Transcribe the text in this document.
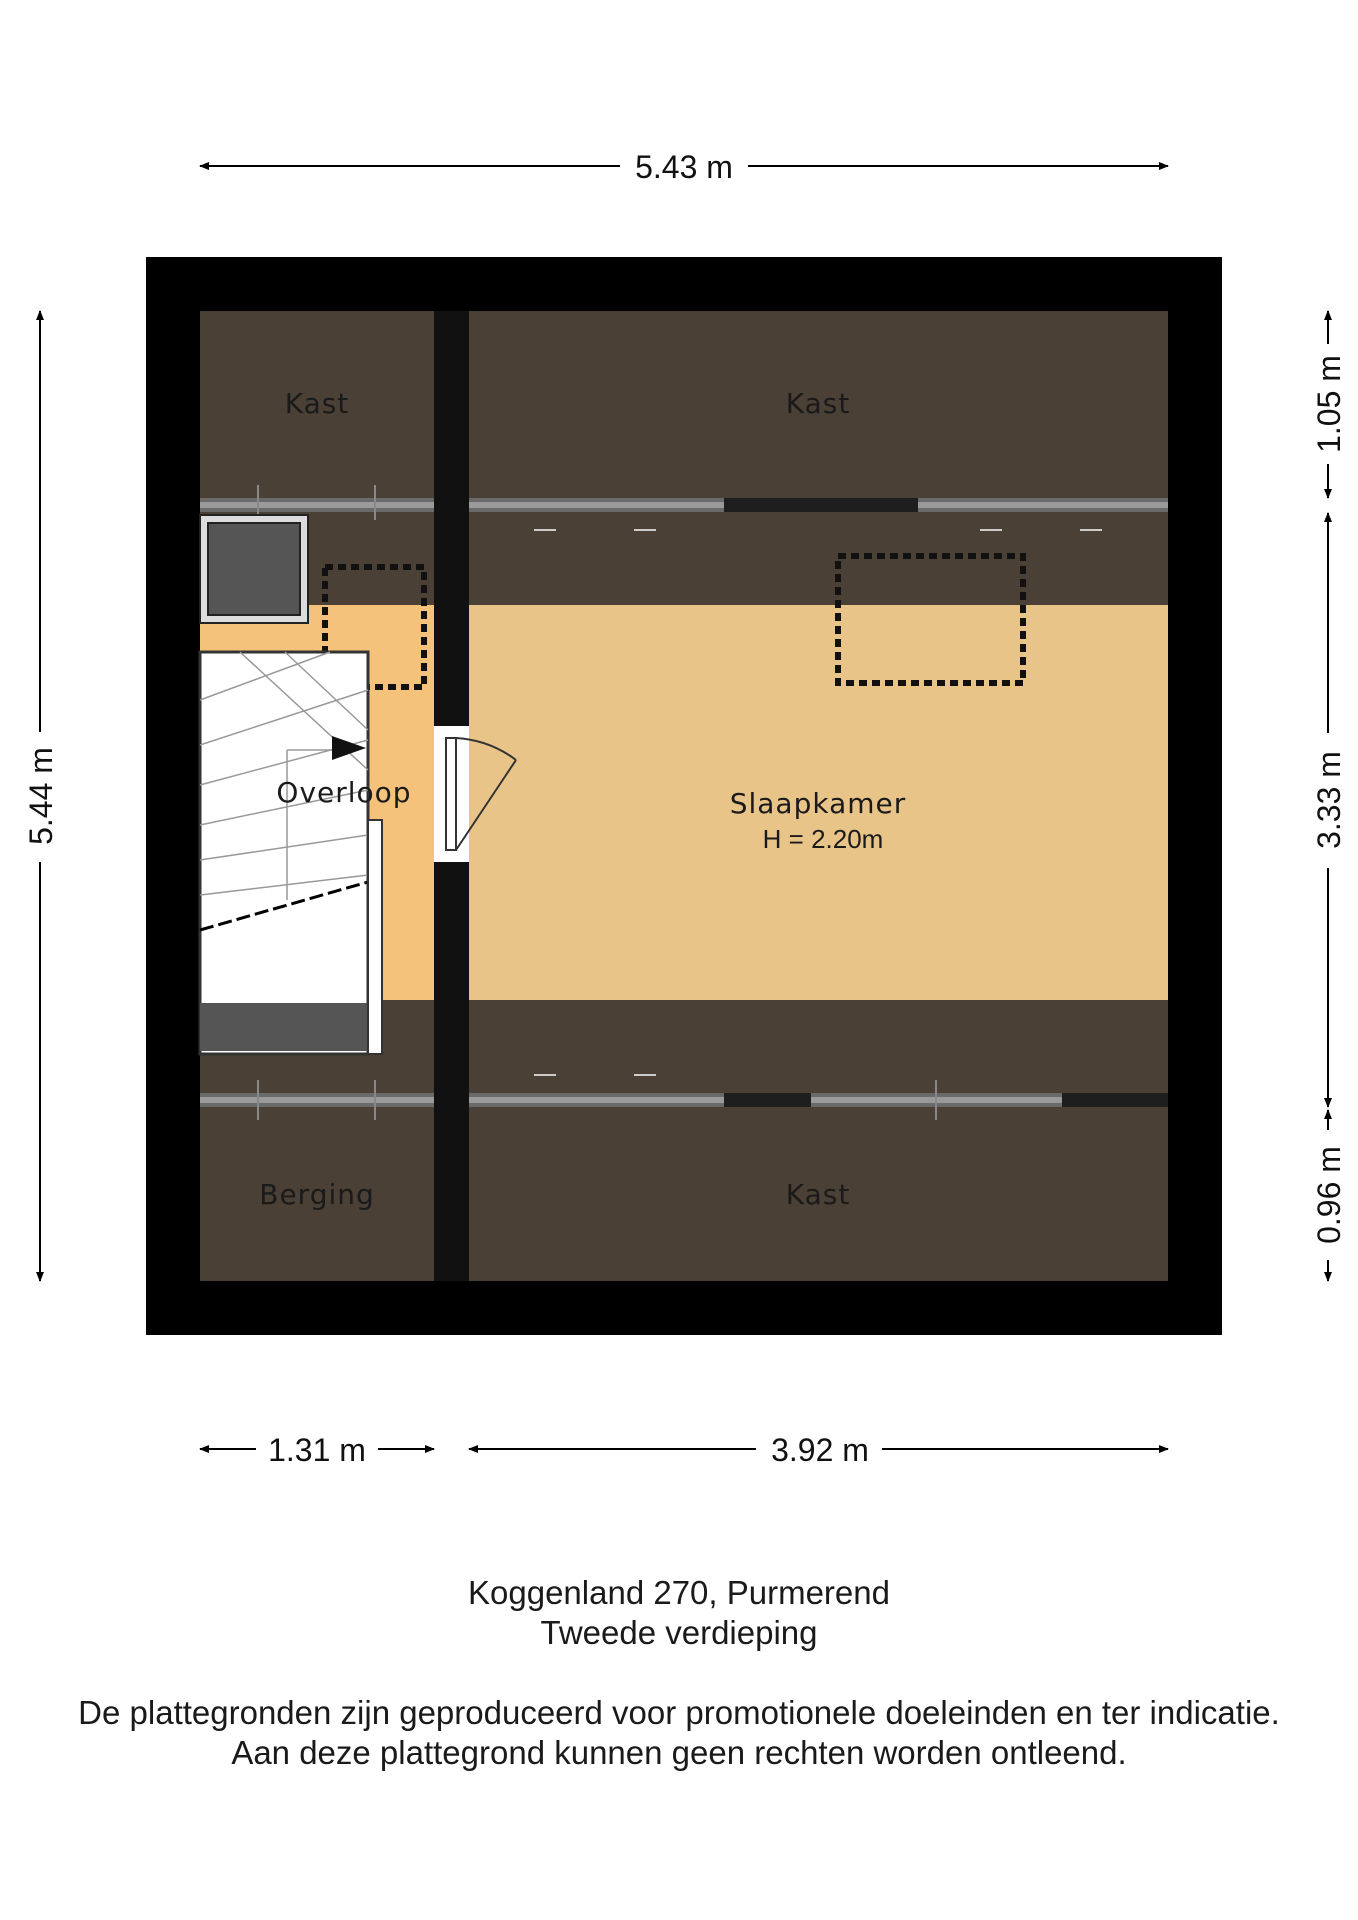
Kast	Kast
Overloop	Slaapkamer
H = 2.20m
Berging	Kast
5.43 m
5.44 m
1.31 m	3.92 m
1.05 m
3.33 m
0.96 m

Koggenland 270, Purmerend

Tweede verdieping

De plattegronden zijn geproduceerd voor promotionele doeleinden en ter indicatie.

Aan deze plattegrond kunnen geen rechten worden ontleend.
